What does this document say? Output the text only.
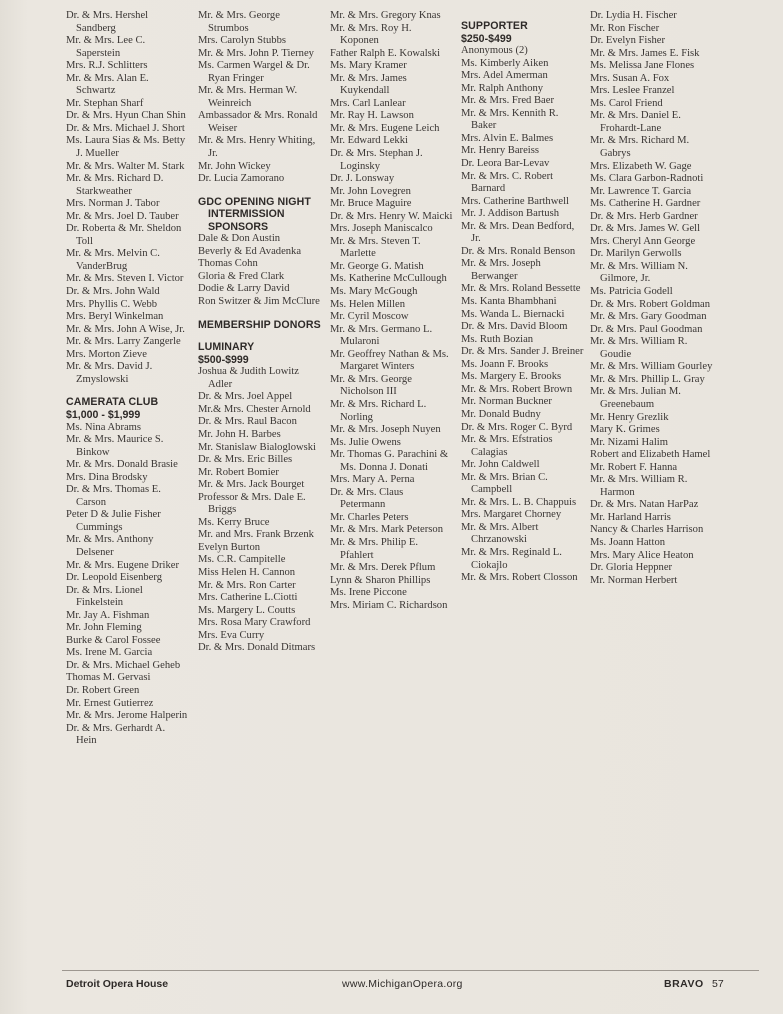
Dr. & Mrs. Hershel
Sandberg
Mr. & Mrs. Lee C.
Saperstein
Mrs. R.J. Schlitters
Mr. & Mrs. Alan E.
Schwartz
Mr. Stephan Sharf
Dr. & Mrs. Hyun Chan Shin
Dr. & Mrs. Michael J. Short
Ms. Laura Sias & Ms. Betty
J. Mueller
Mr. & Mrs. Walter M. Stark
Mr. & Mrs. Richard D.
Starkweather
Mrs. Norman J. Tabor
Mr. & Mrs. Joel D. Tauber
Dr. Roberta & Mr. Sheldon
Toll
Mr. & Mrs. Melvin C.
VanderBrug
Mr. & Mrs. Steven I. Victor
Dr. & Mrs. John Wald
Mrs. Phyllis C. Webb
Mrs. Beryl Winkelman
Mr. & Mrs. John A Wise, Jr.
Mr. & Mrs. Larry Zangerle
Mrs. Morton Zieve
Mr. & Mrs. David J.
Zmyslowski
CAMERATA CLUB
$1,000 - $1,999
Ms. Nina Abrams
Mr. & Mrs. Maurice S.
Binkow
Mr. & Mrs. Donald Brasie
Mrs. Dina Brodsky
Dr. & Mrs. Thomas E.
Carson
Peter D & Julie Fisher
Cummings
Mr. & Mrs. Anthony
Delsener
Mr. & Mrs. Eugene Driker
Dr. Leopold Eisenberg
Dr. & Mrs. Lionel
Finkelstein
Mr. Jay A. Fishman
Mr. John Fleming
Burke & Carol Fossee
Ms. Irene M. Garcia
Dr. & Mrs. Michael Geheb
Thomas M. Gervasi
Dr. Robert Green
Mr. Ernest Gutierrez
Mr. & Mrs. Jerome Halperin
Dr. & Mrs. Gerhardt A.
Hein
Mr. & Mrs. George
Strumbos
Mrs. Carolyn Stubbs
Mr. & Mrs. John P. Tierney
Ms. Carmen Wargel & Dr.
Ryan Fringer
Mr. & Mrs. Herman W.
Weinreich
Ambassador & Mrs. Ronald
Weiser
Mr. & Mrs. Henry Whiting,
Jr.
Mr. John Wickey
Dr. Lucia Zamorano
GDC OPENING NIGHT
INTERMISSION
SPONSORS
Dale & Don Austin
Beverly & Ed Avadenka
Thomas Cohn
Gloria & Fred Clark
Dodie & Larry David
Ron Switzer & Jim McClure
MEMBERSHIP DONORS
LUMINARY
$500-$999
Joshua & Judith Lowitz
Adler
Dr. & Mrs. Joel Appel
Mr.& Mrs. Chester Arnold
Dr. & Mrs. Raul Bacon
Mr. John H. Barbes
Mr. Stanislaw Bialoglowski
Dr. & Mrs. Eric Billes
Mr. Robert Bomier
Mr. & Mrs. Jack Bourget
Professor & Mrs. Dale E.
Briggs
Ms. Kerry Bruce
Mr. and Mrs. Frank Brzenk
Evelyn Burton
Ms. C.R. Campitelle
Miss Helen H. Cannon
Mr. & Mrs. Ron Carter
Mrs. Catherine L.Ciotti
Ms. Margery L. Coutts
Mrs. Rosa Mary Crawford
Mrs. Eva Curry
Dr. & Mrs. Donald Ditmars
Mr. & Mrs. Gregory Knas
Mr. & Mrs. Roy H.
Koponen
Father Ralph E. Kowalski
Ms. Mary Kramer
Mr. & Mrs. James
Kuykendall
Mrs. Carl Lanlear
Mr. Ray H. Lawson
Mr. & Mrs. Eugene Leich
Mr. Edward Lekki
Dr. & Mrs. Stephan J.
Loginsky
Dr. J. Lonsway
Mr. John Lovegren
Mr. Bruce Maguire
Dr. & Mrs. Henry W. Maicki
Mrs. Joseph Maniscalco
Mr. & Mrs. Steven T.
Marlette
Mr. George G. Matish
Ms. Katherine McCullough
Ms. Mary McGough
Ms. Helen Millen
Mr. Cyril Moscow
Mr. & Mrs. Germano L.
Mularoni
Mr. Geoffrey Nathan & Ms.
Margaret Winters
Mr. & Mrs. George
Nicholson III
Mr. & Mrs. Richard L.
Norling
Mr. & Mrs. Joseph Nuyen
Ms. Julie Owens
Mr. Thomas G. Parachini &
Ms. Donna J. Donati
Mrs. Mary A. Perna
Dr. & Mrs. Claus
Petermann
Mr. Charles Peters
Mr. & Mrs. Mark Peterson
Mr. & Mrs. Philip E.
Pfahlert
Mr. & Mrs. Derek Pflum
Lynn & Sharon Phillips
Ms. Irene Piccone
Mrs. Miriam C. Richardson
SUPPORTER
$250-$499
Anonymous (2)
Ms. Kimberly Aiken
Mrs. Adel Amerman
Mr. Ralph Anthony
Mr. & Mrs. Fred Baer
Mr. & Mrs. Kennith R.
Baker
Mrs. Alvin E. Balmes
Mr. Henry Bareiss
Dr. Leora Bar-Levav
Mr. & Mrs. C. Robert
Barnard
Mrs. Catherine Barthwell
Mr. J. Addison Bartush
Mr. & Mrs. Dean Bedford,
Jr.
Dr. & Mrs. Ronald Benson
Mr. & Mrs. Joseph
Berwanger
Mr. & Mrs. Roland Bessette
Ms. Kanta Bhambhani
Ms. Wanda L. Biernacki
Dr. & Mrs. David Bloom
Ms. Ruth Bozian
Dr. & Mrs. Sander J. Breiner
Ms. Joann F. Brooks
Ms. Margery E. Brooks
Mr. & Mrs. Robert Brown
Mr. Norman Buckner
Mr. Donald Budny
Dr. & Mrs. Roger C. Byrd
Mr. & Mrs. Efstratios
Calagias
Mr. John Caldwell
Mr. & Mrs. Brian C.
Campbell
Mr. & Mrs. L. B. Chappuis
Mrs. Margaret Chorney
Mr. & Mrs. Albert
Chrzanowski
Mr. & Mrs. Reginald L.
Ciokajlo
Mr. & Mrs. Robert Closson
Dr. Lydia H. Fischer
Mr. Ron Fischer
Dr. Evelyn Fisher
Mr. & Mrs. James E. Fisk
Ms. Melissa Jane Flones
Mrs. Susan A. Fox
Mrs. Leslee Franzel
Ms. Carol Friend
Mr. & Mrs. Daniel E.
Frohardt-Lane
Mr. & Mrs. Richard M.
Gabrys
Mrs. Elizabeth W. Gage
Ms. Clara Garbon-Radnoti
Mr. Lawrence T. Garcia
Ms. Catherine H. Gardner
Dr. & Mrs. Herb Gardner
Dr. & Mrs. James W. Gell
Mrs. Cheryl Ann George
Dr. Marilyn Gerwolls
Mr. & Mrs. William N.
Gilmore, Jr.
Ms. Patricia Godell
Dr. & Mrs. Robert Goldman
Mr. & Mrs. Gary Goodman
Dr. & Mrs. Paul Goodman
Mr. & Mrs. William R.
Goudie
Mr. & Mrs. William Gourley
Mr. & Mrs. Phillip L. Gray
Mr. & Mrs. Julian M.
Greenebaum
Mr. Henry Grezlik
Mary K. Grimes
Mr. Nizami Halim
Robert and Elizabeth Hamel
Mr. Robert F. Hanna
Mr. & Mrs. William R.
Harmon
Dr. & Mrs. Natan HarPaz
Mr. Harland Harris
Nancy & Charles Harrison
Ms. Joann Hatton
Mrs. Mary Alice Heaton
Dr. Gloria Heppner
Mr. Norman Herbert
Detroit Opera House	www.MichiganOpera.org	BRAVO 57
